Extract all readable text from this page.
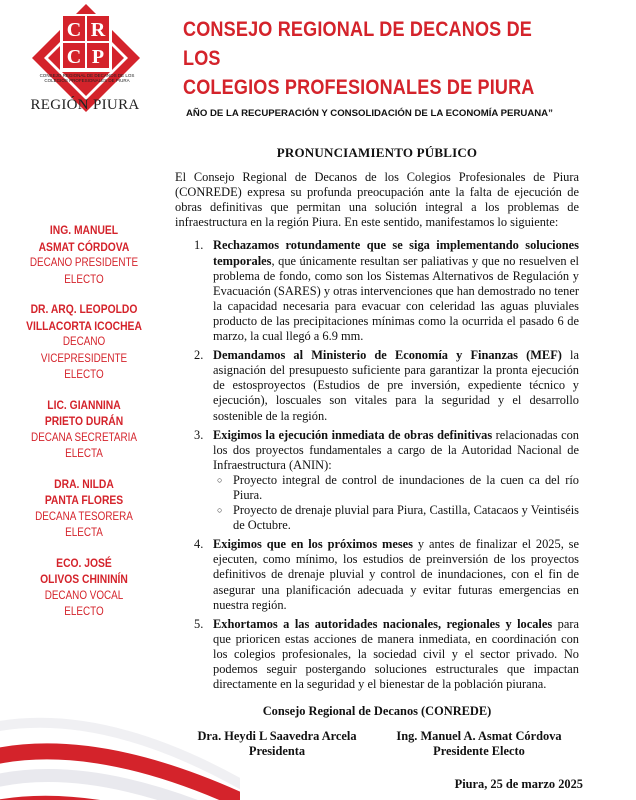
C R
C P
CONSEJO REGIONAL DE DECANOS DE LOS
COLEGIOS PROFESIONALES DE PIURA
REGIÓN PIURA
CONSEJO REGIONAL DE DECANOS DE LOS
COLEGIOS PROFESIONALES DE PIURA
AÑO DE LA RECUPERACIÓN Y CONSOLIDACIÓN DE LA ECONOMÍA PERUANA”
ING. MANUEL
ASMAT CÓRDOVA
DECANO PRESIDENTE
ELECTO
DR. ARQ. LEOPOLDO
VILLACORTA ICOCHEA
DECANO VICEPRESIDENTE
ELECTO
LIC. GIANNINA
PRIETO DURÁN
DECANA SECRETARIA
ELECTA
DRA. NILDA
PANTA FLORES
DECANA TESORERA
ELECTA
ECO. JOSÉ
OLIVOS CHININÍN
DECANO VOCAL
ELECTO
PRONUNCIAMIENTO PÚBLICO

El Consejo Regional de Decanos de los Colegios Profesionales de Piura (CONREDE) expresa su profunda preocupación ante la falta de ejecución de obras definitivas que permitan una solución integral a los problemas de infraestructura en la región Piura. En este sentido, manifestamos lo siguiente:

1. Rechazamos rotundamente que se siga implementando soluciones temporales, que únicamente resultan ser paliativas y que no resuelven el problema de fondo, como son los Sistemas Alternativos de Regulación y Evacuación (SARES) y otras intervenciones que han demostrado no tener la capacidad necesaria para evacuar con celeridad las aguas pluviales producto de las precipitaciones mínimas como la ocurrida el pasado 6 de marzo, la cual llegó a 6.9 mm.
2. Demandamos al Ministerio de Economía y Finanzas (MEF) la asignación del presupuesto suficiente para garantizar la pronta ejecución de estosproyectos (Estudios de pre inversión, expediente técnico y ejecución), loscuales son vitales para la seguridad y el desarrollo sostenible de la región.
3. Exigimos la ejecución inmediata de obras definitivas relacionadas con los dos proyectos fundamentales a cargo de la Autoridad Nacional de Infraestructura (ANIN):
○ Proyecto integral de control de inundaciones de la cuen ca del río Piura.
○ Proyecto de drenaje pluvial para Piura, Castilla, Catacaos y Veintiséis de Octubre.
4. Exigimos que en los próximos meses y antes de finalizar el 2025, se ejecuten, como mínimo, los estudios de preinversión de los proyectos definitivos de drenaje pluvial y control de inundaciones, con el fin de asegurar una planificación adecuada y evitar futuras emergencias en nuestra región.
5. Exhortamos a las autoridades nacionales, regionales y locales para que prioricen estas acciones de manera inmediata, en coordinación con los colegios profesionales, la sociedad civil y el sector privado. No podemos seguir postergando soluciones estructurales que impactan directamente en la seguridad y el bienestar de la población piurana.
Consejo Regional de Decanos (CONREDE)
Dra. Heydi L Saavedra Arcela
Presidenta
Ing. Manuel A. Asmat Córdova
Presidente Electo
Piura, 25 de marzo 2025
